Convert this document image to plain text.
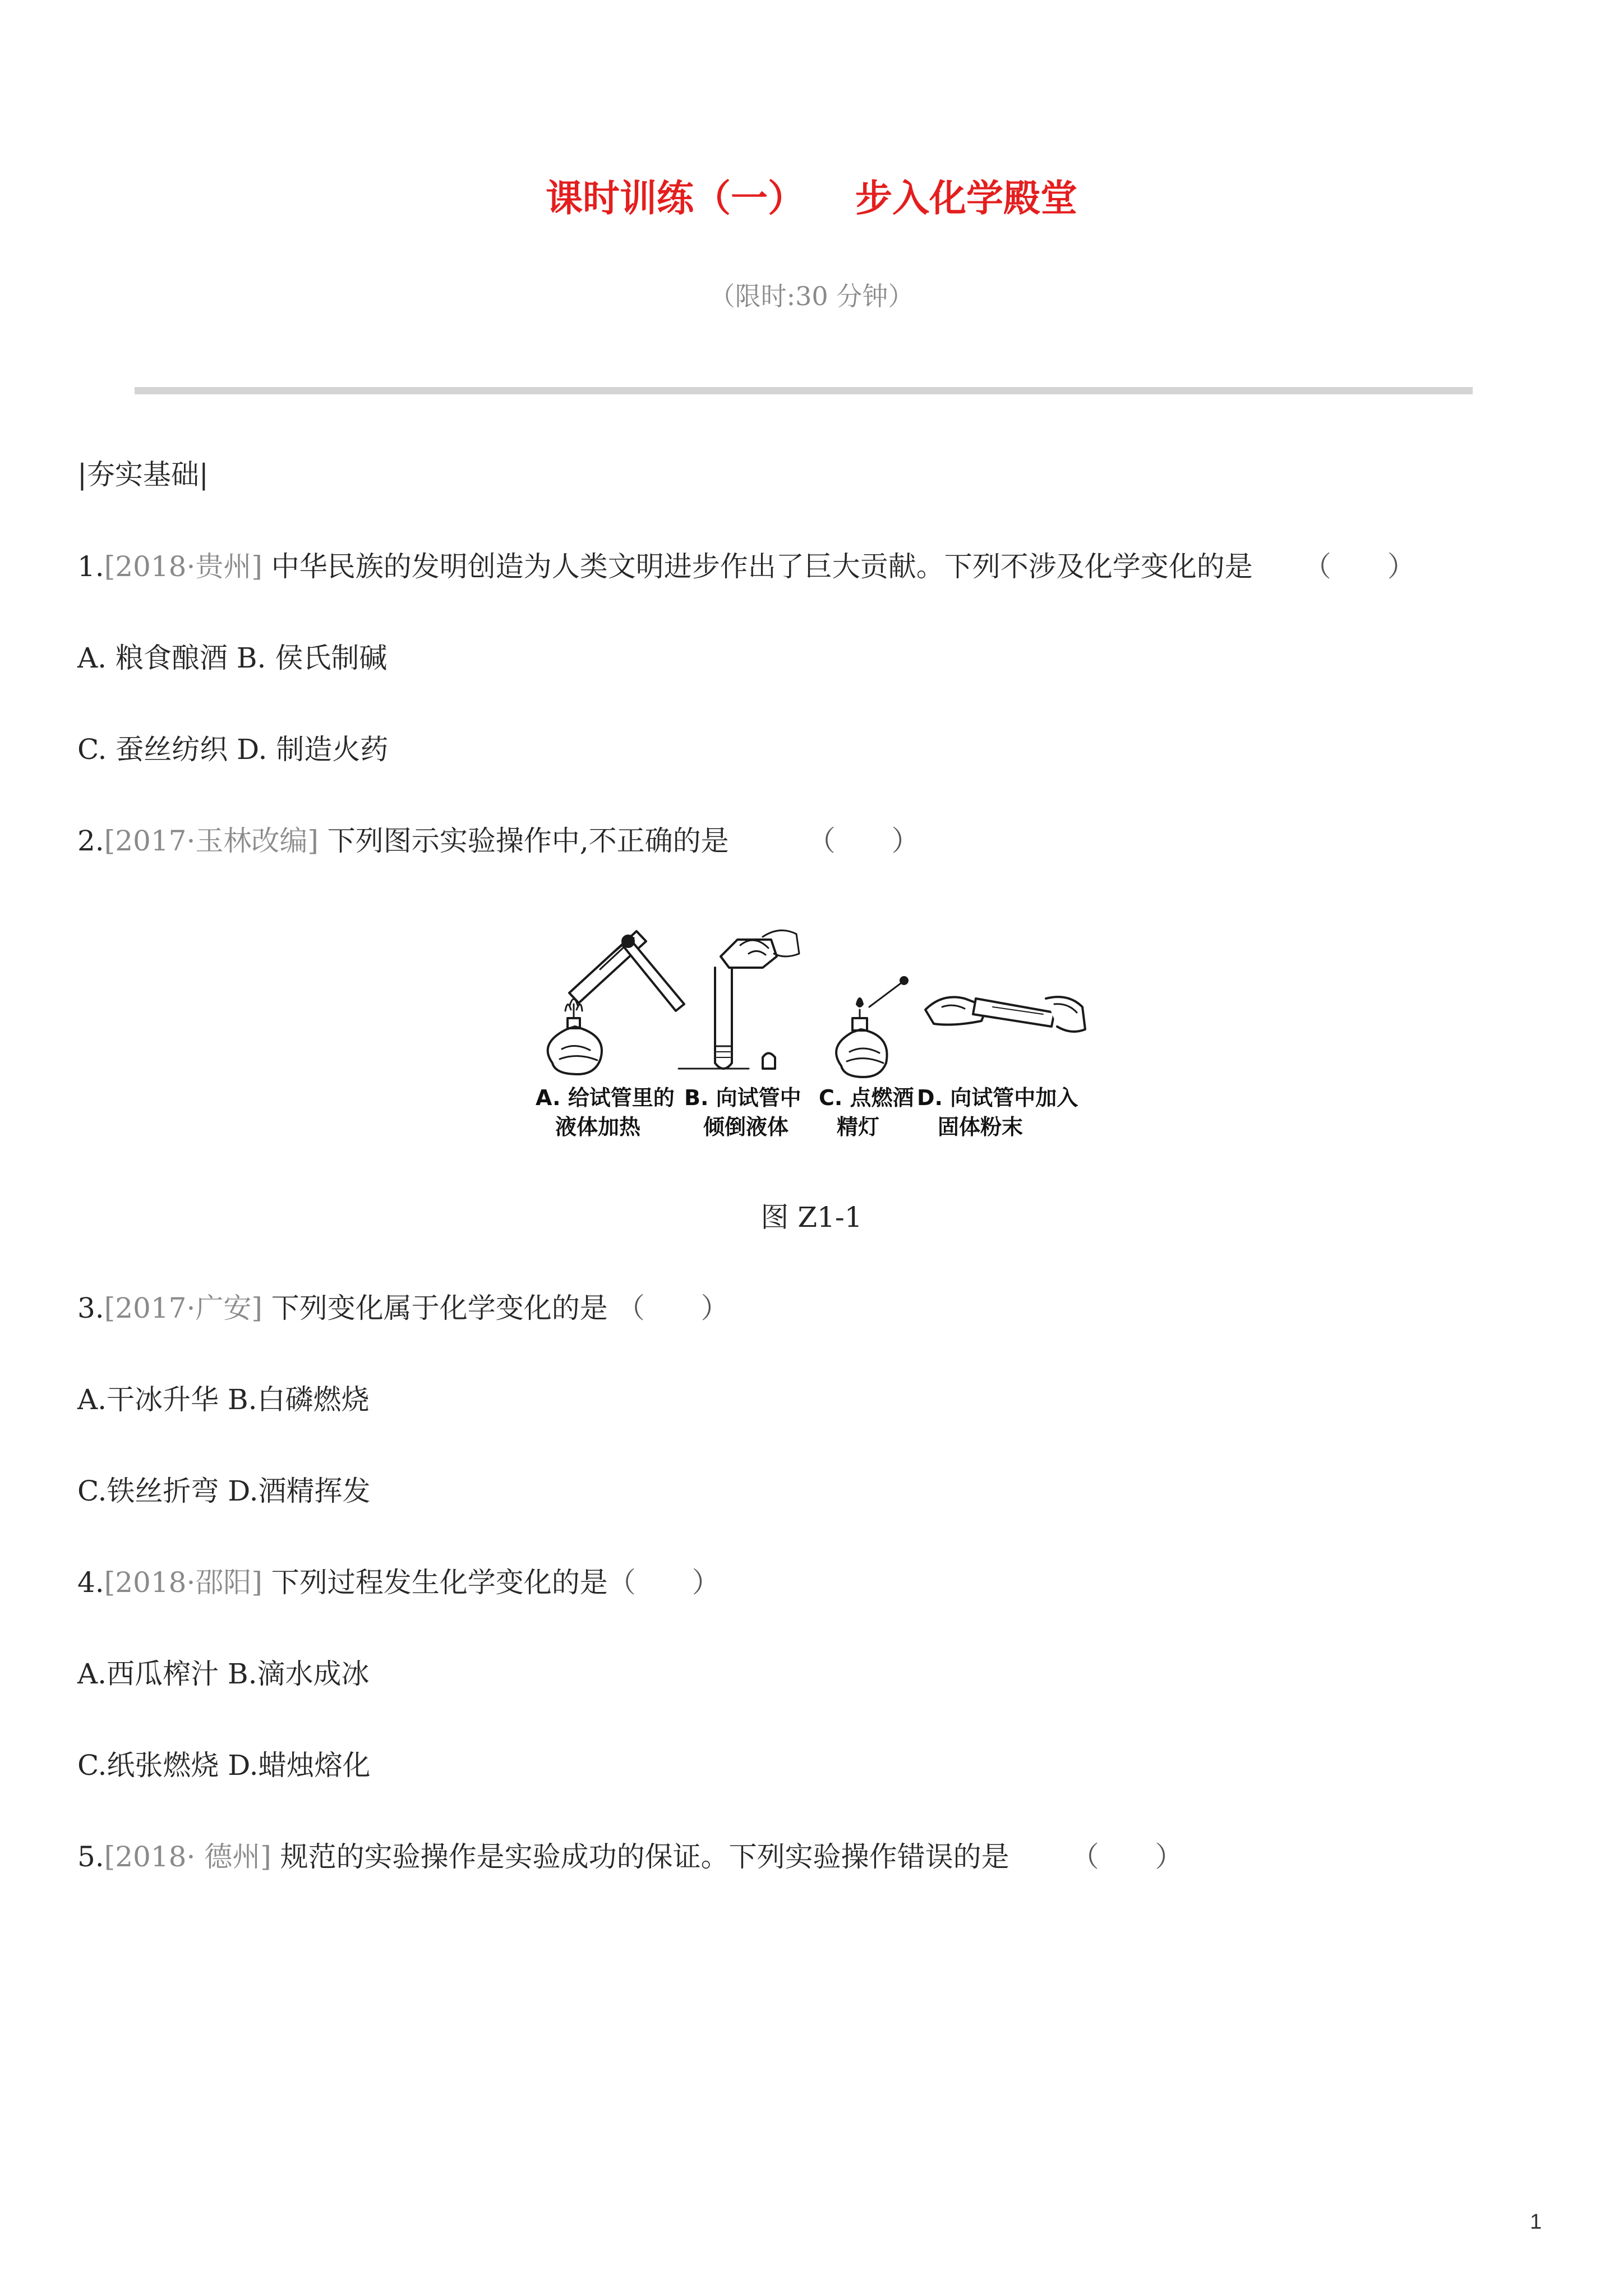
课时训练（一） 步入化学殿堂
（限时:30 分钟）
|夯实基础|
1.[2018·贵州] 中华民族的发明创造为人类文明进步作出了巨大贡献。下列不涉及化学变化的是 （　　）
A. 粮食酿酒 B. 侯氏制碱
C. 蚕丝纺织 D. 制造火药
2.[2017·玉林改编] 下列图示实验操作中,不正确的是	（　　）
A. 给试管里的
液体加热
B. 向试管中
倾倒液体
C. 点燃酒
精灯
D. 向试管中加入
固体粉末
图 Z1-1
3.[2017·广安] 下列变化属于化学变化的是 （　　）
A.干冰升华 B.白磷燃烧
C.铁丝折弯 D.酒精挥发
4.[2018·邵阳] 下列过程发生化学变化的是（　　）
A.西瓜榨汁 B.滴水成冰
C.纸张燃烧 D.蜡烛熔化
5.[2018· 德州] 规范的实验操作是实验成功的保证。下列实验操作错误的是 （　　）
1
